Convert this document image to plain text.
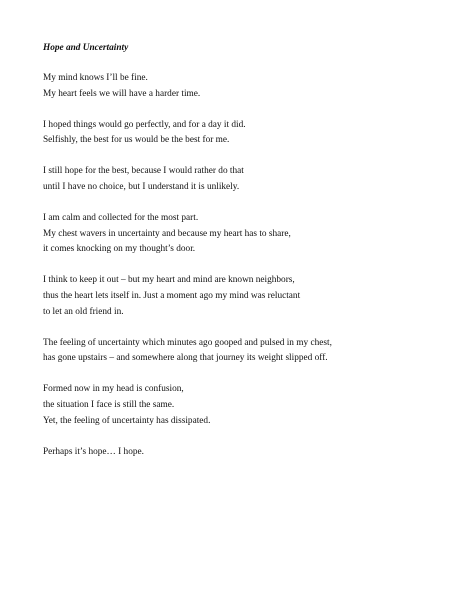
Hope and Uncertainty
My mind knows I’ll be fine.
My heart feels we will have a harder time.
I hoped things would go perfectly, and for a day it did.
Selfishly, the best for us would be the best for me.
I still hope for the best, because I would rather do that
until I have no choice, but I understand it is unlikely.
I am calm and collected for the most part.
My chest wavers in uncertainty and because my heart has to share,
it comes knocking on my thought’s door.
I think to keep it out – but my heart and mind are known neighbors,
thus the heart lets itself in. Just a moment ago my mind was reluctant
to let an old friend in.
The feeling of uncertainty which minutes ago gooped and pulsed in my chest,
has gone upstairs – and somewhere along that journey its weight slipped off.
Formed now in my head is confusion,
the situation I face is still the same.
Yet, the feeling of uncertainty has dissipated.
Perhaps it’s hope… I hope.
